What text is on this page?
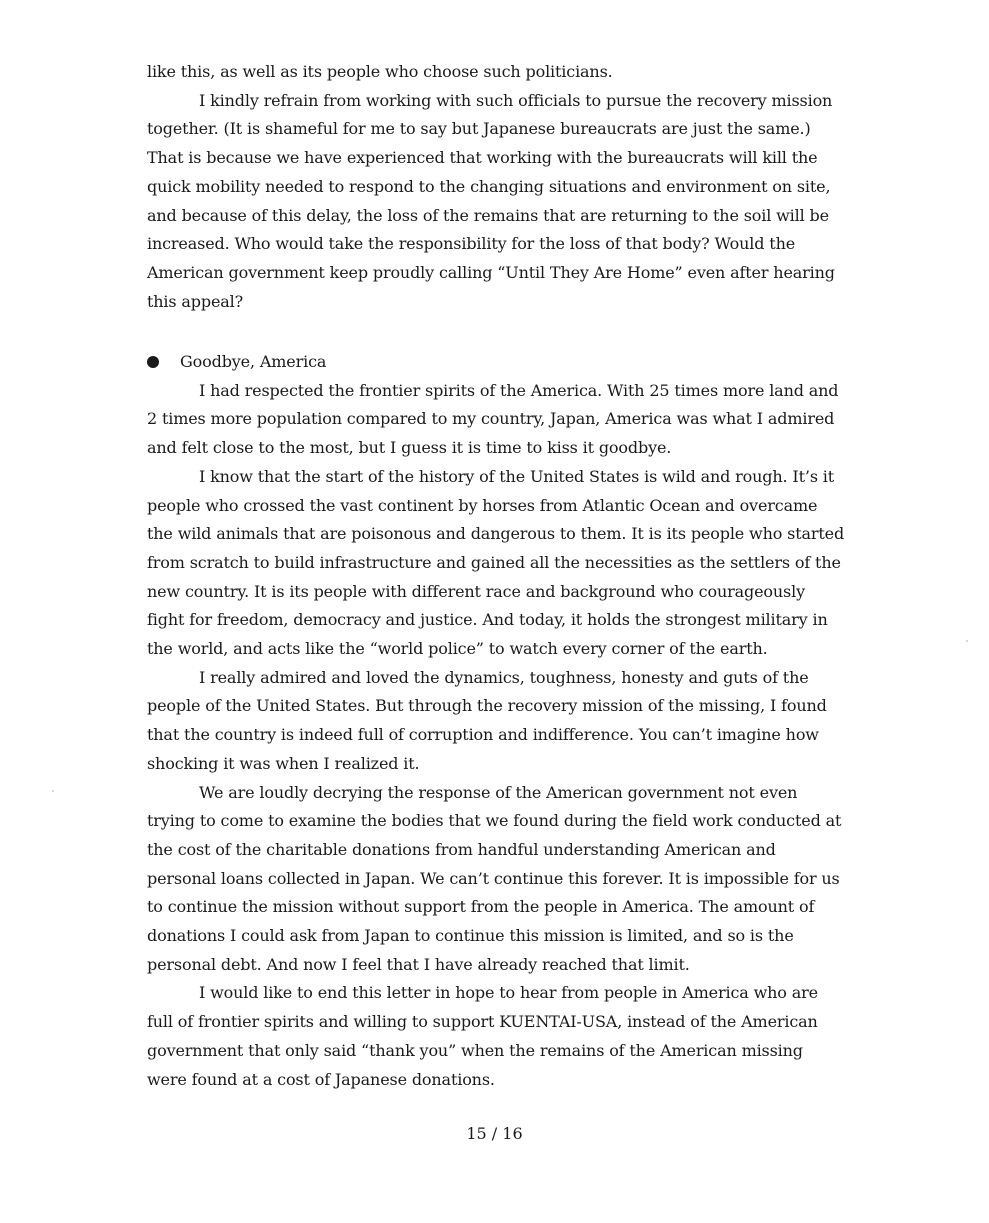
like this, as well as its people who choose such politicians.

I kindly refrain from working with such officials to pursue the recovery mission together. (It is shameful for me to say but Japanese bureaucrats are just the same.) That is because we have experienced that working with the bureaucrats will kill the quick mobility needed to respond to the changing situations and environment on site, and because of this delay, the loss of the remains that are returning to the soil will be increased. Who would take the responsibility for the loss of that body? Would the American government keep proudly calling “Until They Are Home” even after hearing this appeal?

Goodbye, America

I had respected the frontier spirits of the America. With 25 times more land and 2 times more population compared to my country, Japan, America was what I admired and felt close to the most, but I guess it is time to kiss it goodbye.

I know that the start of the history of the United States is wild and rough. It’s it people who crossed the vast continent by horses from Atlantic Ocean and overcame the wild animals that are poisonous and dangerous to them. It is its people who started from scratch to build infrastructure and gained all the necessities as the settlers of the new country. It is its people with different race and background who courageously fight for freedom, democracy and justice. And today, it holds the strongest military in the world, and acts like the “world police” to watch every corner of the earth.

I really admired and loved the dynamics, toughness, honesty and guts of the people of the United States. But through the recovery mission of the missing, I found that the country is indeed full of corruption and indifference. You can’t imagine how shocking it was when I realized it.

We are loudly decrying the response of the American government not even trying to come to examine the bodies that we found during the field work conducted at the cost of the charitable donations from handful understanding American and personal loans collected in Japan. We can’t continue this forever. It is impossible for us to continue the mission without support from the people in America. The amount of donations I could ask from Japan to continue this mission is limited, and so is the personal debt. And now I feel that I have already reached that limit.

I would like to end this letter in hope to hear from people in America who are full of frontier spirits and willing to support KUENTAI-USA, instead of the American government that only said “thank you” when the remains of the American missing were found at a cost of Japanese donations.

15 / 16
